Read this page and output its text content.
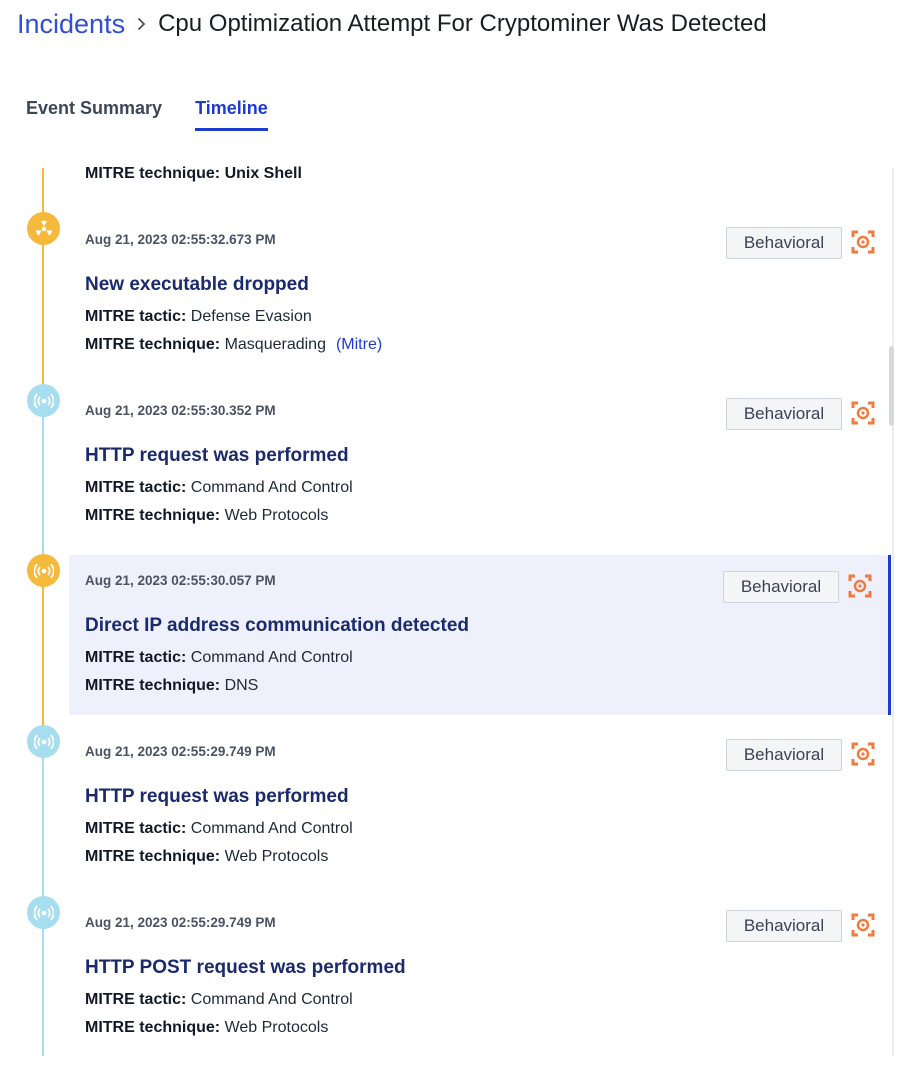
Incidents Cpu Optimization Attempt For Cryptominer Was Detected
Event Summary Timeline
MITRE technique: Unix Shell
Aug 21, 2023 02:55:32.673 PM
New executable dropped
MITRE tactic: Defense Evasion
MITRE technique: Masquerading (Mitre)
Behavioral
Aug 21, 2023 02:55:30.352 PM
HTTP request was performed
MITRE tactic: Command And Control
MITRE technique: Web Protocols
Behavioral
Aug 21, 2023 02:55:30.057 PM
Direct IP address communication detected
MITRE tactic: Command And Control
MITRE technique: DNS
Behavioral
Aug 21, 2023 02:55:29.749 PM
HTTP request was performed
MITRE tactic: Command And Control
MITRE technique: Web Protocols
Behavioral
Aug 21, 2023 02:55:29.749 PM
HTTP POST request was performed
MITRE tactic: Command And Control
MITRE technique: Web Protocols
Behavioral
